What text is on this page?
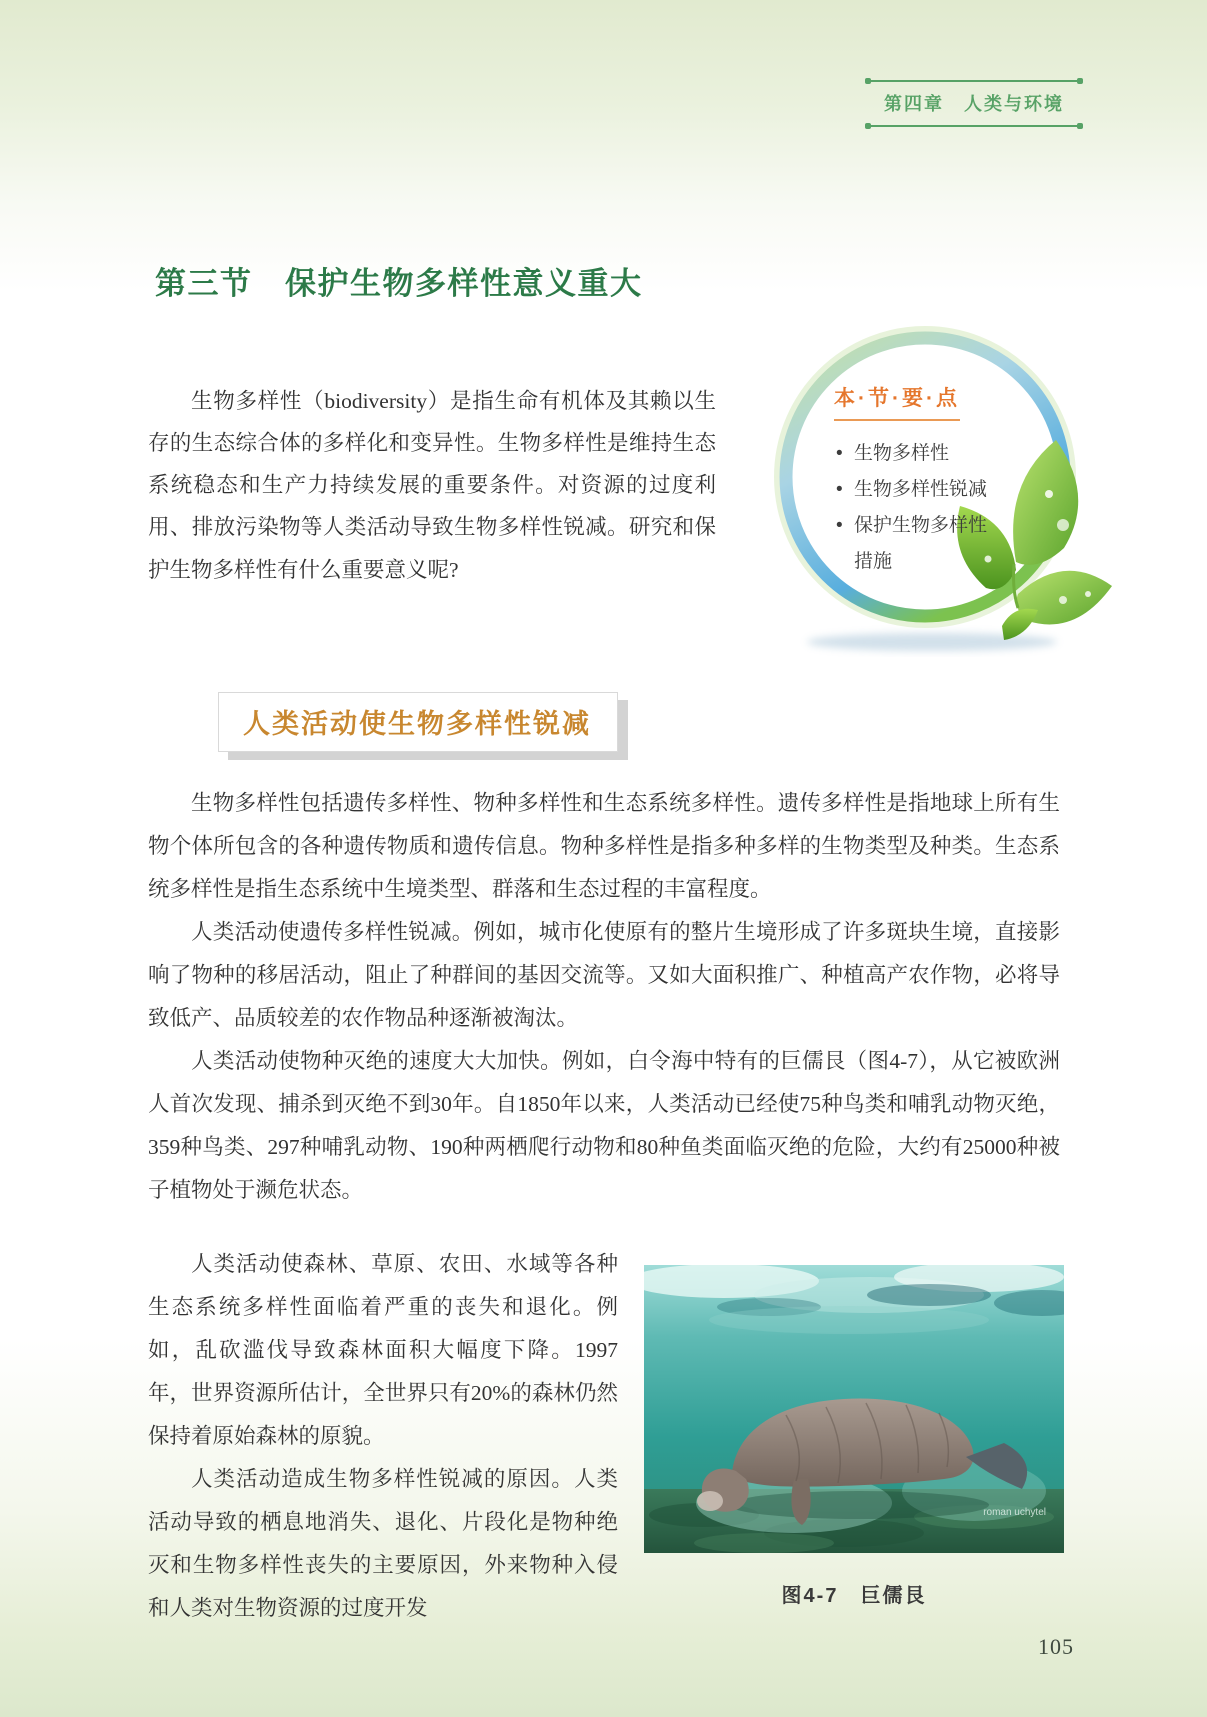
第四章　人类与环境
第三节　保护生物多样性意义重大

生物多样性（biodiversity）是指生命有机体及其赖以生存的生态综合体的多样化和变异性。生物多样性是维持生态系统稳态和生产力持续发展的重要条件。对资源的过度利用、排放污染物等人类活动导致生物多样性锐减。研究和保护生物多样性有什么重要意义呢?

本·节·要·点
• 生物多样性
• 生物多样性锐减
• 保护生物多样性措施
人类活动使生物多样性锐减

生物多样性包括遗传多样性、物种多样性和生态系统多样性。遗传多样性是指地球上所有生物个体所包含的各种遗传物质和遗传信息。物种多样性是指多种多样的生物类型及种类。生态系统多样性是指生态系统中生境类型、群落和生态过程的丰富程度。

人类活动使遗传多样性锐减。例如，城市化使原有的整片生境形成了许多斑块生境，直接影响了物种的移居活动，阻止了种群间的基因交流等。又如大面积推广、种植高产农作物，必将导致低产、品质较差的农作物品种逐渐被淘汰。

人类活动使物种灭绝的速度大大加快。例如，白令海中特有的巨儒艮（图4-7），从它被欧洲人首次发现、捕杀到灭绝不到30年。自1850年以来，人类活动已经使75种鸟类和哺乳动物灭绝，359种鸟类、297种哺乳动物、190种两栖爬行动物和80种鱼类面临灭绝的危险，大约有25000种被子植物处于濒危状态。

人类活动使森林、草原、农田、水域等各种生态系统多样性面临着严重的丧失和退化。例如，乱砍滥伐导致森林面积大幅度下降。1997年，世界资源所估计，全世界只有20%的森林仍然保持着原始森林的原貌。

人类活动造成生物多样性锐减的原因。人类活动导致的栖息地消失、退化、片段化是物种绝灭和生物多样性丧失的主要原因，外来物种入侵和人类对生物资源的过度开发

roman uchytel
图4-7　巨儒艮
105
